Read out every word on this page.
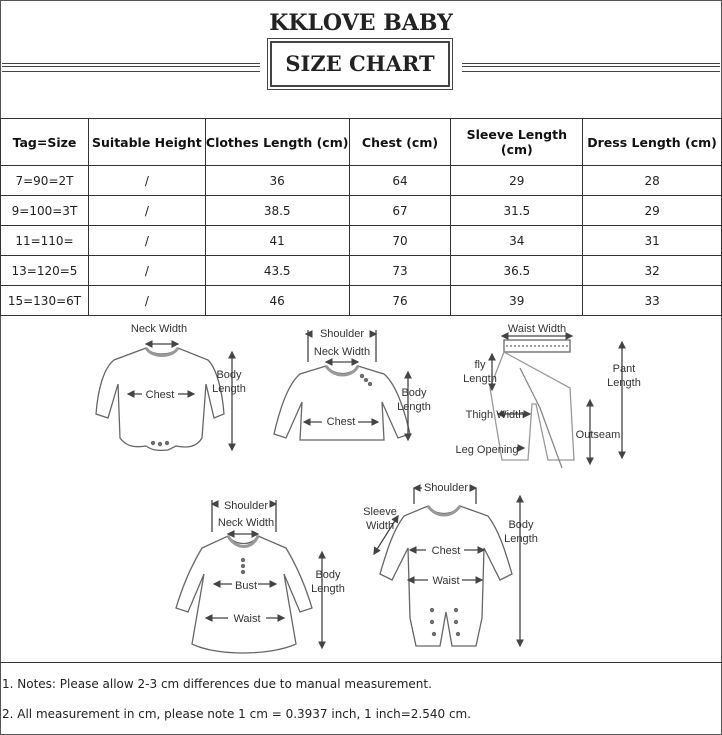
KKLOVE BABY
SIZE CHART
Tag=Size	Suitable Height	Clothes Length (cm)	Chest (cm)	Sleeve Length (cm)	Dress Length (cm)
7=90=2T	/	36	64	29	28
9=100=3T	/	38.5	67	31.5	29
11=110=	/	41	70	34	31
13=120=5	/	43.5	73	36.5	32
15=130=6T	/	46	76	39	33
Neck Width
Chest
Body
Length
Shoulder
Neck Width
Chest
Body
Length
Waist Width
fly
Length
Pant
Length
Thigh Width
Outseam
Leg Opening
Shoulder
Neck Width
Bust
Waist
Body
Length
Shoulder
Sleeve
Width
Chest
Waist
Body
Length
1. Notes: Please allow 2-3 cm differences due to manual measurement.
2. All measurement in cm, please note 1 cm = 0.3937 inch, 1 inch=2.540 cm.
